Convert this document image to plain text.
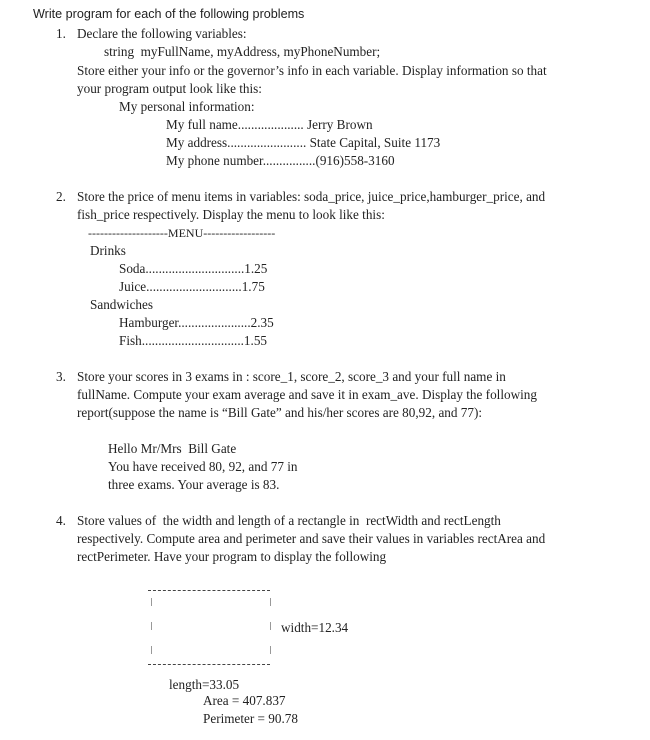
Write program for each of the following problems
1. Declare the following variables:
string  myFullName, myAddress, myPhoneNumber;
Store either your info or the governor’s info in each variable. Display information so that
your program output look like this:
My personal information:
My full name.................... Jerry Brown
My address........................ State Capital, Suite 1173
My phone number................(916)558-3160
2. Store the price of menu items in variables: soda_price, juice_price,hamburger_price, and
fish_price respectively. Display the menu to look like this:
--------------------MENU------------------
Drinks
Soda..............................1.25
Juice.............................1.75
Sandwiches
Hamburger......................2.35
Fish...............................1.55
3. Store your scores in 3 exams in : score_1, score_2, score_3 and your full name in
fullName. Compute your exam average and save it in exam_ave. Display the following
report(suppose the name is “Bill Gate” and his/her scores are 80,92, and 77):
Hello Mr/Mrs  Bill Gate
You have received 80, 92, and 77 in
three exams. Your average is 83.
4. Store values of  the width and length of a rectangle in  rectWidth and rectLength
respectively. Compute area and perimeter and save their values in variables rectArea and
rectPerimeter. Have your program to display the following
width=12.34
length=33.05
Area = 407.837
Perimeter = 90.78
